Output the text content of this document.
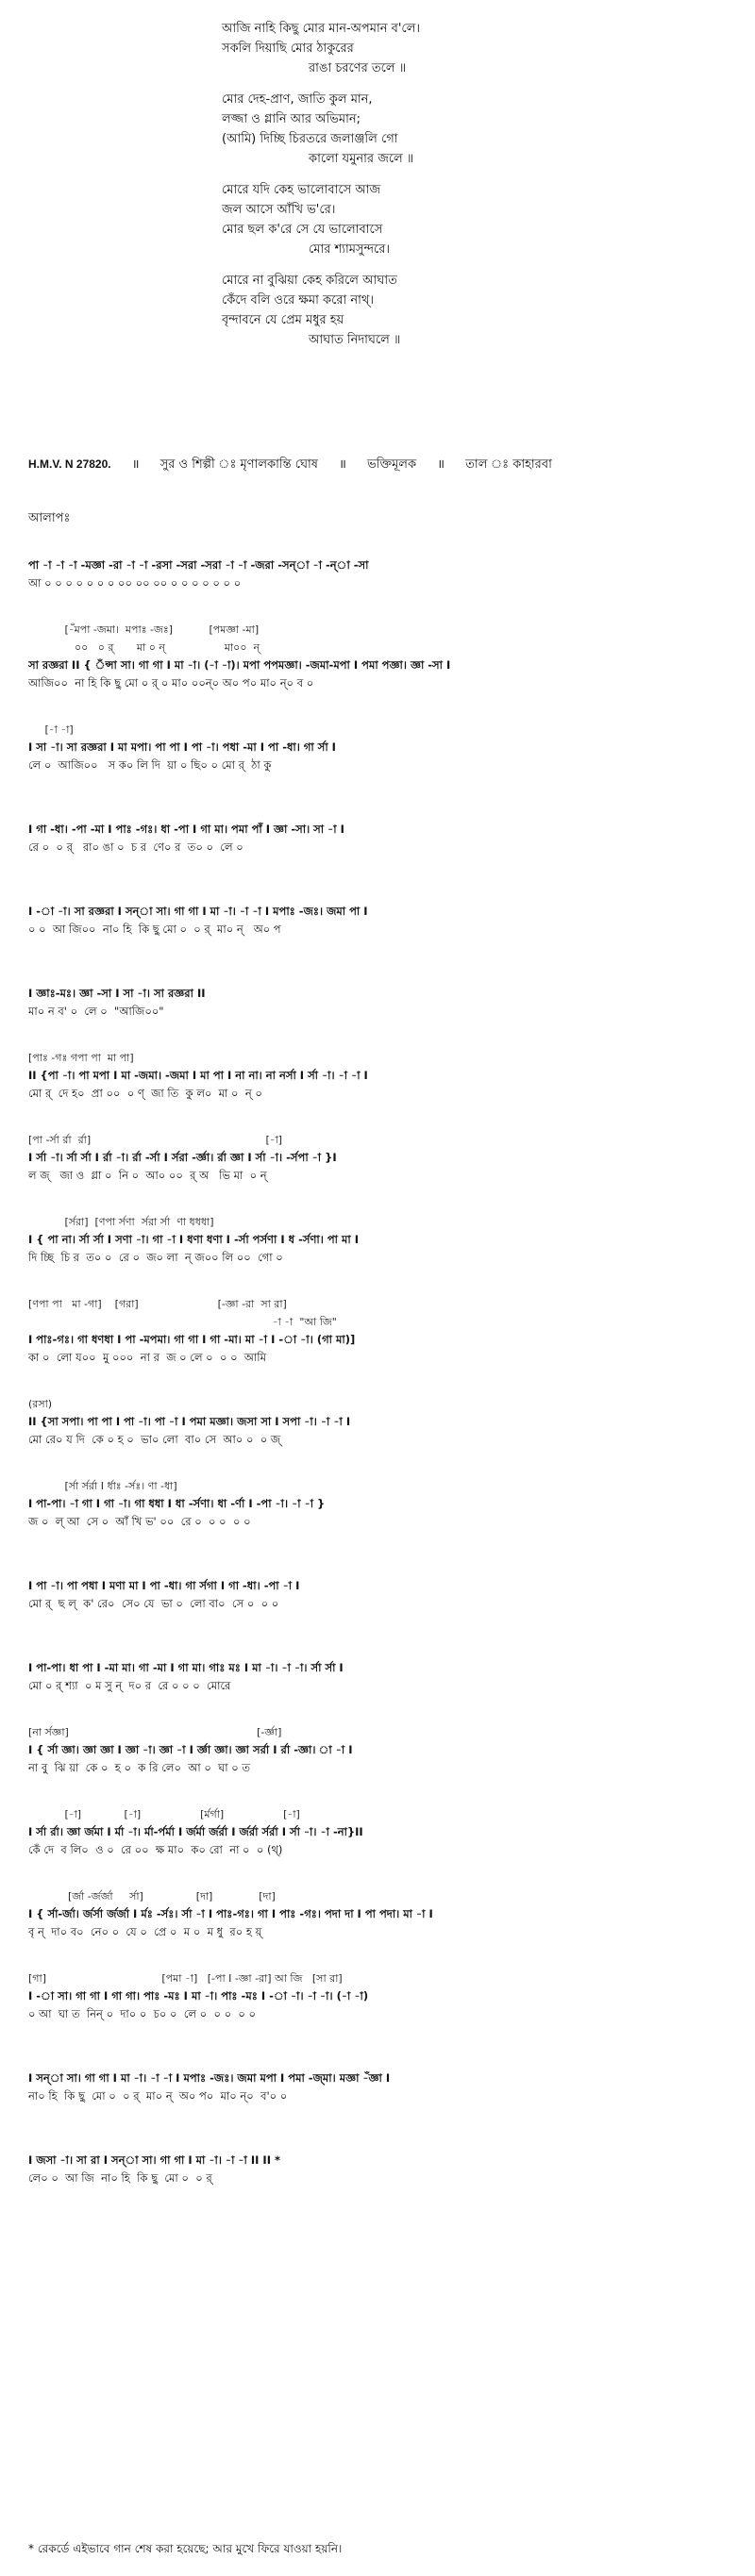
আজি নাহি কিছু মোর মান-অপমান ব'লে।
সকলি দিয়াছি মোর ঠাকুরের
রাঙা চরণের তলে ॥
মোর দেহ-প্রাণ, জাতি কুল মান,
লজ্জা ও গ্লানি আর অভিমান;
(আমি) দিচ্ছি চিরতরে জলাঞ্জলি গো
কালো যমুনার জলে ॥
মোরে যদি কেহ ভালোবাসে আজ
জল আসে আঁখি ভ'রে।
মোর ছল ক'রে সে যে ভালোবাসে
মোর শ্যামসুন্দরে।
মোরে না বুঝিয়া কেহ করিলে আঘাত
কেঁদে বলি ওরে ক্ষমা করো নাথ্।
বৃন্দাবনে যে প্রেম মধুর হয়
আঘাত নিদাঘলে ॥
H.M.V. N 27820. ॥ সুর ও শিল্পী ঃ মৃণালকান্তি ঘোষ ॥ ভক্তিমূলক ॥ তাল ঃ কাহারবা
আলাপঃ
পা -া -া -া -মজ্ঞা -রা -া -া -রসা -সরা -সরা -া -া -জরা -সন্‌া -া -ন্‌া -সা
আ ০ ০ ০ ০ ০ ০ ০ ০০ ০০ ০০ ০ ০ ০ ০ ০ ০ ০
[-ঁমপা -জমা।  মপাঃ -জঃ]           [পমজ্ঞা -মা]
০০   ০ র্       মা ০ ন্                  মা০০  ন্
সা রজ্ঞরা II { ঁন্সা সা। গা গা I মা -া। (-া -া)। মপা পপমজ্ঞা। -জমা-মপা I পমা পজ্ঞা। জ্ঞা -সা I
আজি০০  না হি কি ছু মো ০ র্ ০ মা০ ০০ন্০ অ০ প০ মা০ ন্০ ব ০
[-া -া]
I সা -া। সা রজ্ঞরা I মা মপা। পা পা I পা -া। পধা -মা I পা -ধা। গা র্সা I
লে ০  আজি০০   স ক০ লি দি  য়া ০ ছি০ ০ মো র্  ঠা কু
I গা -ধা। -পা -মা I পাঃ -গঃ। ধা -পা I গা মা। পমা পাঁ I জ্ঞা -সা। সা -া I
রে ০  ০ র্   রা০ ঙা ০  চ র  ণে০ র  ত০ ০  লে ০
I -া -া। সা রজ্ঞরা I সন্‌া সা। গা গা I মা -া। -া -া I মপাঃ -জঃ। জমা পা I
০ ০  আ জি০০  না০ হি  কি ছু মো ০  ০ র্  মা০ ন্   অ০ প
I জ্ঞাঃ-মঃ। জ্ঞা -সা I সা -া। সা রজ্ঞরা II
মা০ ন ব' ০  লে ০  "আজি০০"
[পাঃ -গঃ গপা পা  মা পা]
II {পা -া। পা মপা I মা -জমা। -জমা I মা পা I না না। না নর্সা I র্সা -া। -া -া I
মো র্  দে হ০  প্রা ০০  ০ ণ্  জা তি  কু ল০  মা ০  ন্ ০
[পা -র্সা র্রা  র্রা]                                                     [-া]
I র্সা -া। র্সা র্সা I র্রা -া। র্রা -র্সা I র্সরা -র্জ্ঞা। র্রা জ্ঞা I র্সা -া। -র্সপা -া }I
ল জ্   জা ও  গ্লা ০  নি ০  আ০ ০০  র্ অ   ভি মা  ০ ন্
[র্সরা]  [ণপা র্সণা  র্সরা র্সা  ণা ধধধা]
I { পা না। র্সা র্সা I সণা -া। গা -া I ধণা ধণা I -র্সা পর্সণা I ধ -র্সণা। পা মা I
দি চ্ছি  চি র  ত০ ০  রে ০  জ০ লা  ন্ জ০০ লি ০০  গো ০
[ণপা পা   মা -গা]    [গরা]                        [-জ্ঞা -রা  সা রা]
-া -া  "আ জি"
I পাঃ-গঃ। গা ধণধা I পা -মপমা। গা গা I গা -মা। মা -া I -া -া। (গা মা)]
কা ০  লো য০০  মু ০০০  না র  জ ০ লে ০  ০ ০  আমি
(রসা)
II {সা সপা। পা পা I পা -া। পা -া I পমা মজ্ঞা। জসা সা I সপা -া। -া -া I
মো রে০ য দি  কে ০ হ ০  ভা০ লো  বা০ সে  আ০ ০  ০ জ্
[র্সা র্সর্রা I র্ধাঃ -র্সঃ। ণা -ধা]
I পা-পা। -া গা I গা -া। গা ধধা I ধা -র্সণা। ধা -র্ণা I -পা -া। -া -া }
জ ০  ল্ আ  সে ০  আঁ খি ভ' ০০  রে ০  ০ ০  ০ ০
I পা -া। পা পধা I মণা মা I পা -ধা। গা র্সগা I গা -ধা। -পা -া I
মো র্  ছ ল্  ক' রে০  সে০ যে  ভা ০  লো বা০  সে ০  ০ ০
I পা-পা। ধা পা I -মা মা। গা -মা I গা মা। গাঃ মঃ I মা -া। -া -া। র্সা র্সা I
মো ০ র্ শ্যা  ০ ম সু ন্  দ০ র  রে ০ ০ ০  মোরে
[না র্সজ্ঞা]                                                         [-র্জ্ঞা]
I { র্সা জ্ঞা। জ্ঞা জ্ঞা I জ্ঞা -া। জ্ঞা -া I র্জ্ঞা জ্ঞা। জ্ঞা সর্রা I র্রা -জ্ঞা। া -া I
না বু  ঝি য়া  কে ০  হ ০  ক রি লে০  আ ০  ঘা ০ ত
[-া]             [-া]                  [র্মর্গা]                  [-া]
I র্সা র্রা। জ্ঞা র্জমা I র্মা -া। র্মা-র্পর্মা I র্জর্মা র্জর্রা I র্জর্রা র্সর্রা I র্সা -া। -া -না}II
কেঁ দে  ব লি০  ও ০  রে ০০  ক্ষ মা০  ক০ রো  না ০  ০ (থ্)
[র্জা -র্জর্জা     র্সা]                [দা]              [দা]
I { র্সা-র্জা। র্জর্সা র্জর্জা I র্মঃ -র্সঃ। র্সা -া I পাঃ-গঃ। গা I পাঃ -গঃ। পদা দা I পা পদা। মা -া I
বৃ ন্  দা০ ব০  নে০ ০  যে ০  প্রে ০  ম ০  ম ধু  র০ হ য়্
[গা]                                   [পমা -া]   [-পা I -জ্ঞা -রা] আ জি   [সা রা]
I -া সা। গা গা I গা গা। পাঃ -মঃ I মা -া। পাঃ -মঃ I -া -া। -া -া। (-া -া)
০ আ  ঘা ত  নিন্ ০  দা০ ০  চ০ ০  লে ০  ০ ০  ০ ০
I সন্‌া সা। গা গা I মা -া। -া -া I মপাঃ -জঃ। জমা মপা I পমা -জ্মা। মজ্ঞা -ঁজ্ঞা I
না০ হি  কি ছু  মো ০  ০ র্  মা০ ন্  অ০ প০  মা০ ন্০  ব'০ ০
I জসা -া। সা রা I সন্‌া সা। গা গা I মা -া। -া -া II II *
লে০ ০  আ জি  না০ হি  কি ছু  মো ০  ০ র্
* রেকর্ডে এইভাবে গান শেষ করা হয়েছে; আর মুখে ফিরে যাওয়া হয়নি।
